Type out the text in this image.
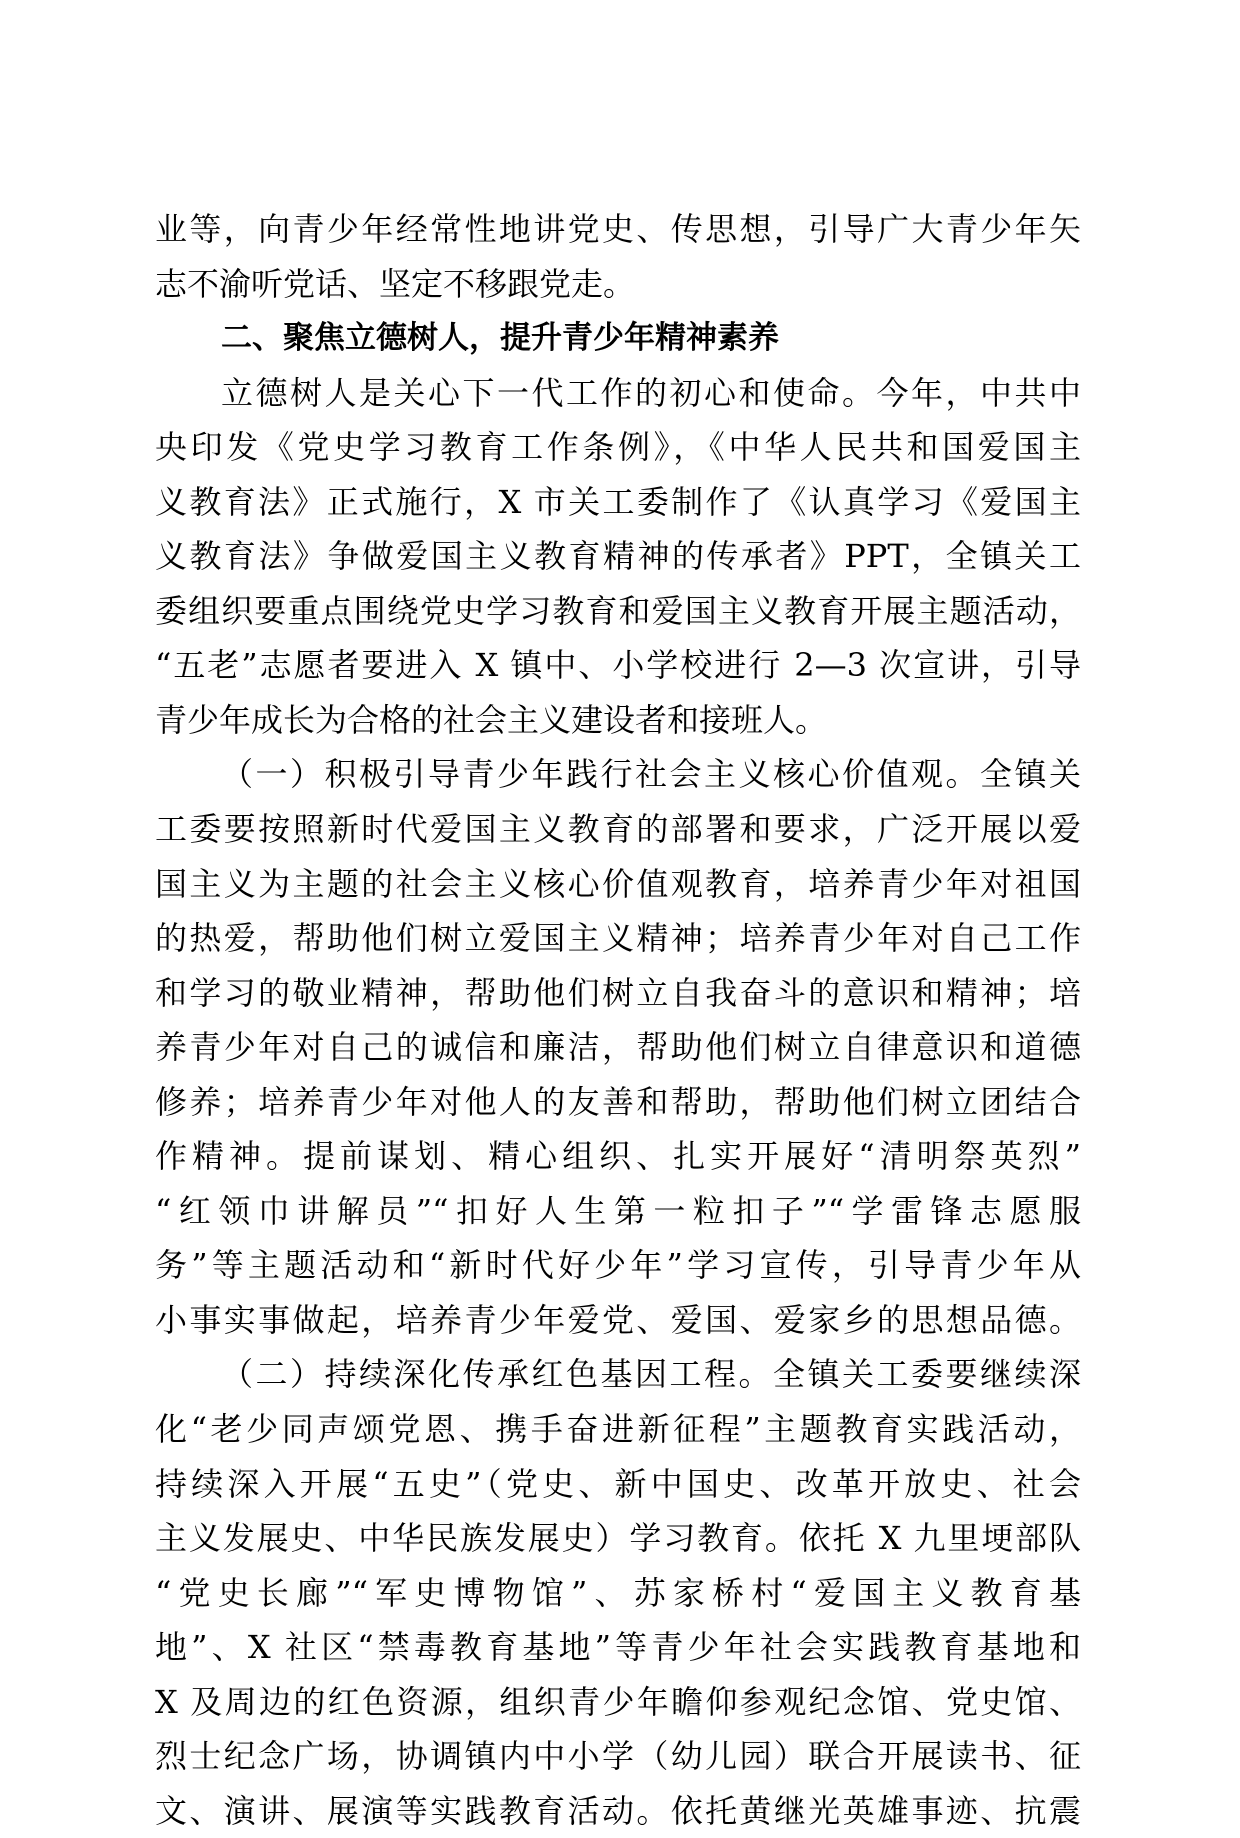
业等，向青少年经常性地讲党史、传思想，引导广大青少年矢
志不渝听党话、坚定不移跟党走。
二、聚焦立德树人，提升青少年精神素养
立德树人是关心下一代工作的初心和使命。今年，中共中
央印发《党史学习教育工作条例》，《中华人民共和国爱国主
义教育法》正式施行，X 市关工委制作了《认真学习《爱国主
义教育法》争做爱国主义教育精神的传承者》PPT，全镇关工
委组织要重点围绕党史学习教育和爱国主义教育开展主题活动，
“五老”志愿者要进入 X 镇中、小学校进行 2—3 次宣讲，引导
青少年成长为合格的社会主义建设者和接班人。
（一）积极引导青少年践行社会主义核心价值观。全镇关
工委要按照新时代爱国主义教育的部署和要求，广泛开展以爱
国主义为主题的社会主义核心价值观教育，培养青少年对祖国
的热爱，帮助他们树立爱国主义精神；培养青少年对自己工作
和学习的敬业精神，帮助他们树立自我奋斗的意识和精神；培
养青少年对自己的诚信和廉洁，帮助他们树立自律意识和道德
修养；培养青少年对他人的友善和帮助，帮助他们树立团结合
作精神。提前谋划、精心组织、扎实开展好“清明祭英烈”
“红领巾讲解员”“扣好人生第一粒扣子”“学雷锋志愿服
务”等主题活动和“新时代好少年”学习宣传，引导青少年从
小事实事做起，培养青少年爱党、爱国、爱家乡的思想品德。
（二）持续深化传承红色基因工程。全镇关工委要继续深
化“老少同声颂党恩、携手奋进新征程”主题教育实践活动，
持续深入开展“五史”（党史、新中国史、改革开放史、社会
主义发展史、中华民族发展史）学习教育。依托 X 九里埂部队
“党史长廊”“军史博物馆”、苏家桥村“爱国主义教育基
地”、X 社区“禁毒教育基地”等青少年社会实践教育基地和
X 及周边的红色资源，组织青少年瞻仰参观纪念馆、党史馆、
烈士纪念广场，协调镇内中小学（幼儿园）联合开展读书、征
文、演讲、展演等实践教育活动。依托黄继光英雄事迹、抗震
